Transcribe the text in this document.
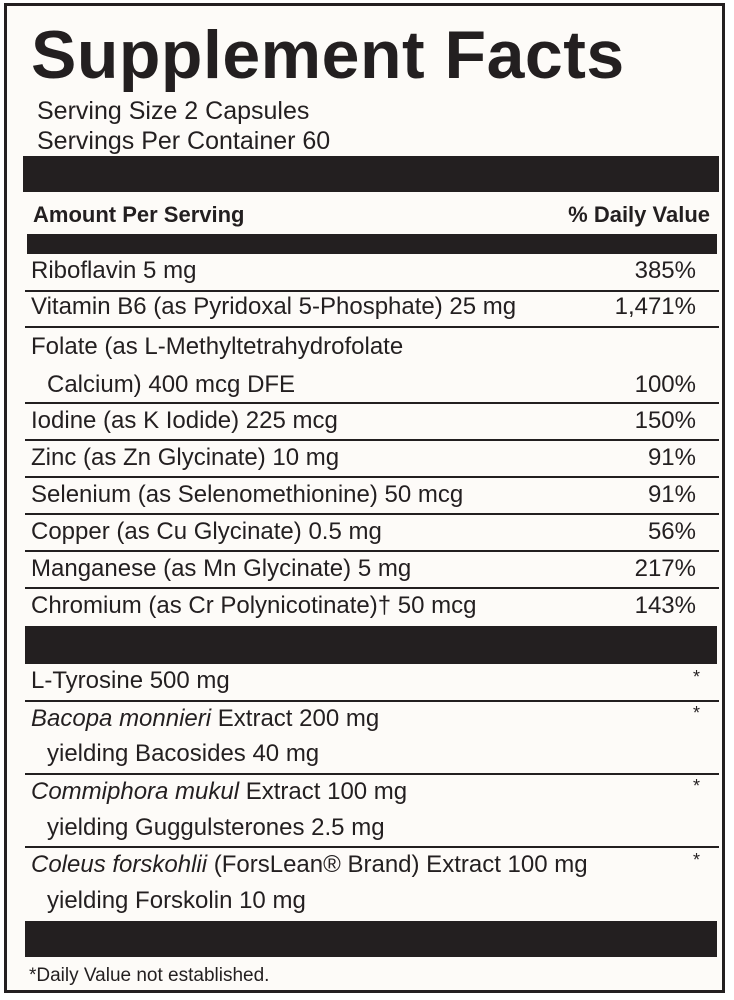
Supplement Facts
Serving Size 2 Capsules
Servings Per Container 60
Amount Per Serving	% Daily Value
Riboflavin 5 mg	385%
Vitamin B6 (as Pyridoxal 5-Phosphate) 25 mg	1,471%
Folate (as L-Methyltetrahydrofolate
Calcium) 400 mcg DFE	100%
Iodine (as K Iodide) 225 mcg	150%
Zinc (as Zn Glycinate) 10 mg	91%
Selenium (as Selenomethionine) 50 mcg	91%
Copper (as Cu Glycinate) 0.5 mg	56%
Manganese (as Mn Glycinate) 5 mg	217%
Chromium (as Cr Polynicotinate)† 50 mcg	143%
L-Tyrosine 500 mg	*
Bacopa monnieri Extract 200 mg	*
yielding Bacosides 40 mg
Commiphora mukul Extract 100 mg	*
yielding Guggulsterones 2.5 mg
Coleus forskohlii (ForsLean® Brand) Extract 100 mg	*
yielding Forskolin 10 mg
*Daily Value not established.
